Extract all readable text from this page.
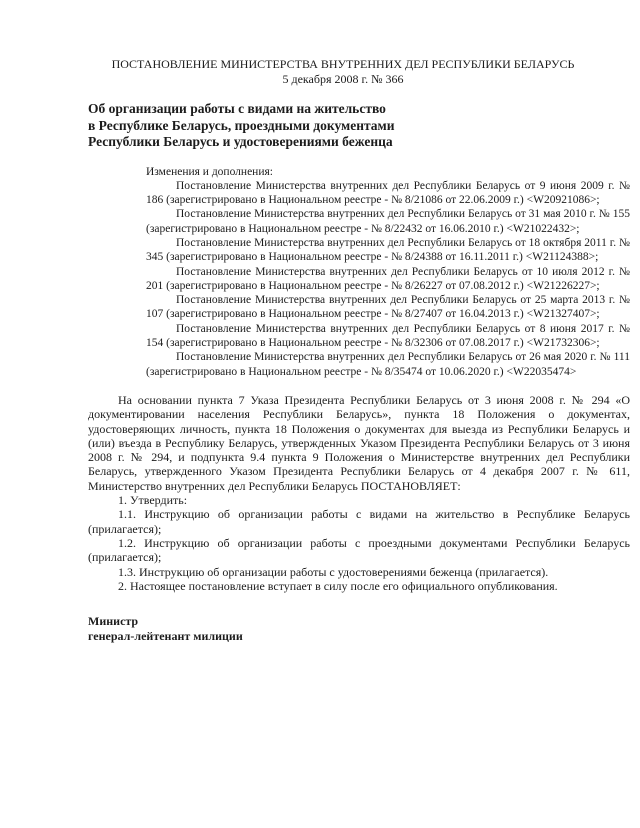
ПОСТАНОВЛЕНИЕ МИНИСТЕРСТВА ВНУТРЕННИХ ДЕЛ РЕСПУБЛИКИ БЕЛАРУСЬ
5 декабря 2008 г. № 366
Об организации работы с видами на жительство
в Республике Беларусь, проездными документами
Республики Беларусь и удостоверениями беженца

Изменения и дополнения:

Постановление Министерства внутренних дел Республики Беларусь от 9 июня 2009 г. № 186 (зарегистрировано в Национальном реестре - № 8/21086 от 22.06.2009 г.) <W20921086>;

Постановление Министерства внутренних дел Республики Беларусь от 31 мая 2010 г. № 155 (зарегистрировано в Национальном реестре - № 8/22432 от 16.06.2010 г.) <W21022432>;

Постановление Министерства внутренних дел Республики Беларусь от 18 октября 2011 г. № 345 (зарегистрировано в Национальном реестре - № 8/24388 от 16.11.2011 г.) <W21124388>;

Постановление Министерства внутренних дел Республики Беларусь от 10 июля 2012 г. № 201 (зарегистрировано в Национальном реестре - № 8/26227 от 07.08.2012 г.) <W21226227>;

Постановление Министерства внутренних дел Республики Беларусь от 25 марта 2013 г. № 107 (зарегистрировано в Национальном реестре - № 8/27407 от 16.04.2013 г.) <W21327407>;

Постановление Министерства внутренних дел Республики Беларусь от 8 июня 2017 г. № 154 (зарегистрировано в Национальном реестре - № 8/32306 от 07.08.2017 г.) <W21732306>;

Постановление Министерства внутренних дел Республики Беларусь от 26 мая 2020 г. № 111 (зарегистрировано в Национальном реестре - № 8/35474 от 10.06.2020 г.) <W22035474>

На основании пункта 7 Указа Президента Республики Беларусь от 3 июня 2008 г. № 294 «О документировании населения Республики Беларусь», пункта 18 Положения о документах, удостоверяющих личность, пункта 18 Положения о документах для выезда из Республики Беларусь и (или) въезда в Республику Беларусь, утвержденных Указом Президента Республики Беларусь от 3 июня 2008 г. № 294, и подпункта 9.4 пункта 9 Положения о Министерстве внутренних дел Республики Беларусь, утвержденного Указом Президента Республики Беларусь от 4 декабря 2007 г. № 611, Министерство внутренних дел Республики Беларусь ПОСТАНОВЛЯЕТ:

1. Утвердить:

1.1. Инструкцию об организации работы с видами на жительство в Республике Беларусь (прилагается);

1.2. Инструкцию об организации работы с проездными документами Республики Беларусь (прилагается);

1.3. Инструкцию об организации работы с удостоверениями беженца (прилагается).

2. Настоящее постановление вступает в силу после его официального опубликования.

Министр
генерал-лейтенант милиции
